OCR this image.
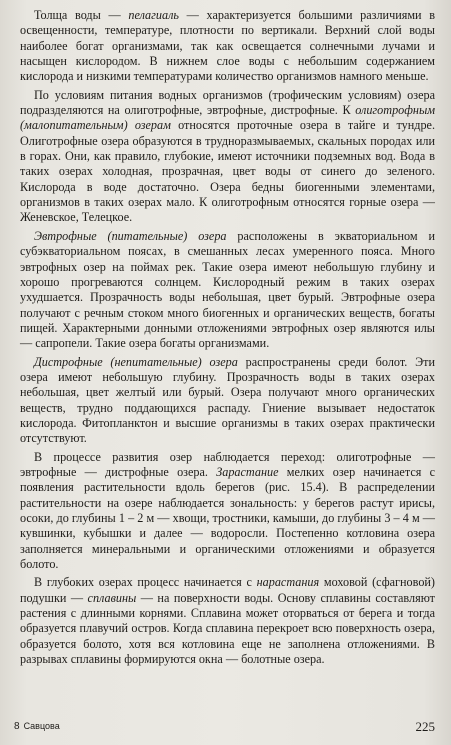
Толща воды — пелагиаль — характеризуется большими различиями в освещенности, температуре, плотности по вертикали. Верхний слой воды наиболее богат организмами, так как освещается солнечными лучами и насыщен кислородом. В нижнем слое воды с небольшим содержанием кислорода и низкими температурами количество организмов намного меньше.

По условиям питания водных организмов (трофическим условиям) озера подразделяются на олиготрофные, эвтрофные, дистрофные. К олиготрофным (малопитательным) озерам относятся проточные озера в тайге и тундре. Олиготрофные озера образуются в трудноразмываемых, скальных породах или в горах. Они, как правило, глубокие, имеют источники подземных вод. Вода в таких озерах холодная, прозрачная, цвет воды от синего до зеленого. Кислорода в воде достаточно. Озера бедны биогенными элементами, организмов в таких озерах мало. К олиготрофным относятся горные озера — Женевское, Телецкое.

Эвтрофные (питательные) озера расположены в экваториальном и субэкваториальном поясах, в смешанных лесах умеренного пояса. Много эвтрофных озер на поймах рек. Такие озера имеют небольшую глубину и хорошо прогреваются солнцем. Кислородный режим в таких озерах ухудшается. Прозрачность воды небольшая, цвет бурый. Эвтрофные озера получают с речным стоком много биогенных и органических веществ, богаты пищей. Характерными донными отложениями эвтрофных озер являются илы — сапропели. Такие озера богаты организмами.

Дистрофные (непитательные) озера распространены среди болот. Эти озера имеют небольшую глубину. Прозрачность воды в таких озерах небольшая, цвет желтый или бурый. Озера получают много органических веществ, трудно поддающихся распаду. Гниение вызывает недостаток кислорода. Фитопланктон и высшие организмы в таких озерах практически отсутствуют.

В процессе развития озер наблюдается переход: олиготрофные — эвтрофные — дистрофные озера. Зарастание мелких озер начинается с появления растительности вдоль берегов (рис. 15.4). В распределении растительности на озере наблюдается зональность: у берегов растут ирисы, осоки, до глубины 1 – 2 м — хвощи, тростники, камыши, до глубины 3 – 4 м — кувшинки, кубышки и далее — водоросли. Постепенно котловина озера заполняется минеральными и органическими отложениями и образуется болото.

В глубоких озерах процесс начинается с нарастания моховой (сфагновой) подушки — сплавины — на поверхности воды. Основу сплавины составляют растения с длинными корнями. Сплавина может оторваться от берега и тогда образуется плавучий остров. Когда сплавина перекроет всю поверхность озера, образуется болото, хотя вся котловина еще не заполнена отложениями. В разрывах сплавины формируются окна — болотные озера.

8 Савцова	225
